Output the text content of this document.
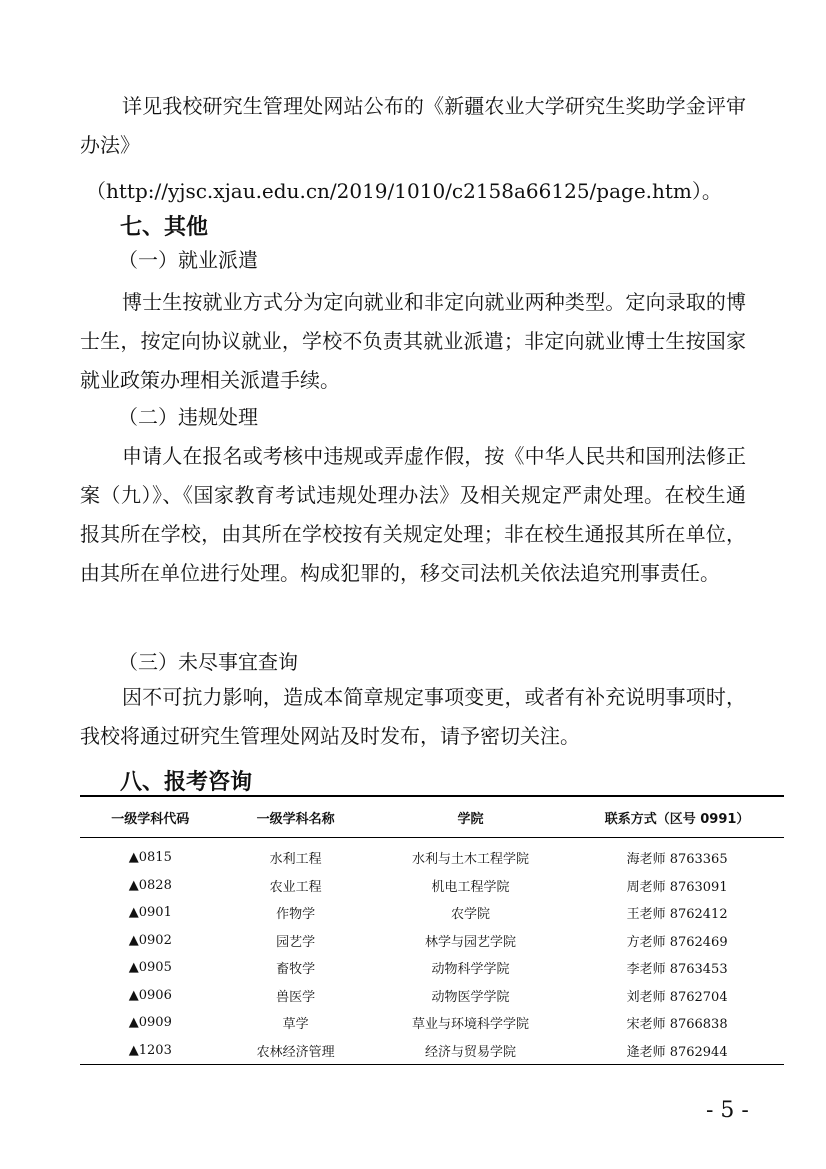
详见我校研究生管理处网站公布的《新疆农业大学研究生奖助学金评审办法》

（http://yjsc.xjau.edu.cn/2019/1010/c2158a66125/page.htm）。
七、其他
（一）就业派遣

博士生按就业方式分为定向就业和非定向就业两种类型。定向录取的博士生，按定向协议就业，学校不负责其就业派遣；非定向就业博士生按国家就业政策办理相关派遣手续。

（二）违规处理

申请人在报名或考核中违规或弄虚作假，按《中华人民共和国刑法修正案（九）》、《国家教育考试违规处理办法》及相关规定严肃处理。在校生通报其所在学校，由其所在学校按有关规定处理；非在校生通报其所在单位，由其所在单位进行处理。构成犯罪的，移交司法机关依法追究刑事责任。

（三）未尽事宜查询

因不可抗力影响，造成本简章规定事项变更，或者有补充说明事项时，我校将通过研究生管理处网站及时发布，请予密切关注。

八、报考咨询
一级学科代码	一级学科名称	学院	联系方式（区号 0991）
▲0815	水利工程	水利与土木工程学院	海老师 8763365
▲0828	农业工程	机电工程学院	周老师 8763091
▲0901	作物学	农学院	王老师 8762412
▲0902	园艺学	林学与园艺学院	方老师 8762469
▲0905	畜牧学	动物科学学院	李老师 8763453
▲0906	兽医学	动物医学学院	刘老师 8762704
▲0909	草学	草业与环境科学学院	宋老师 8766838
▲1203	农林经济管理	经济与贸易学院	逄老师 8762944
- 5 -
